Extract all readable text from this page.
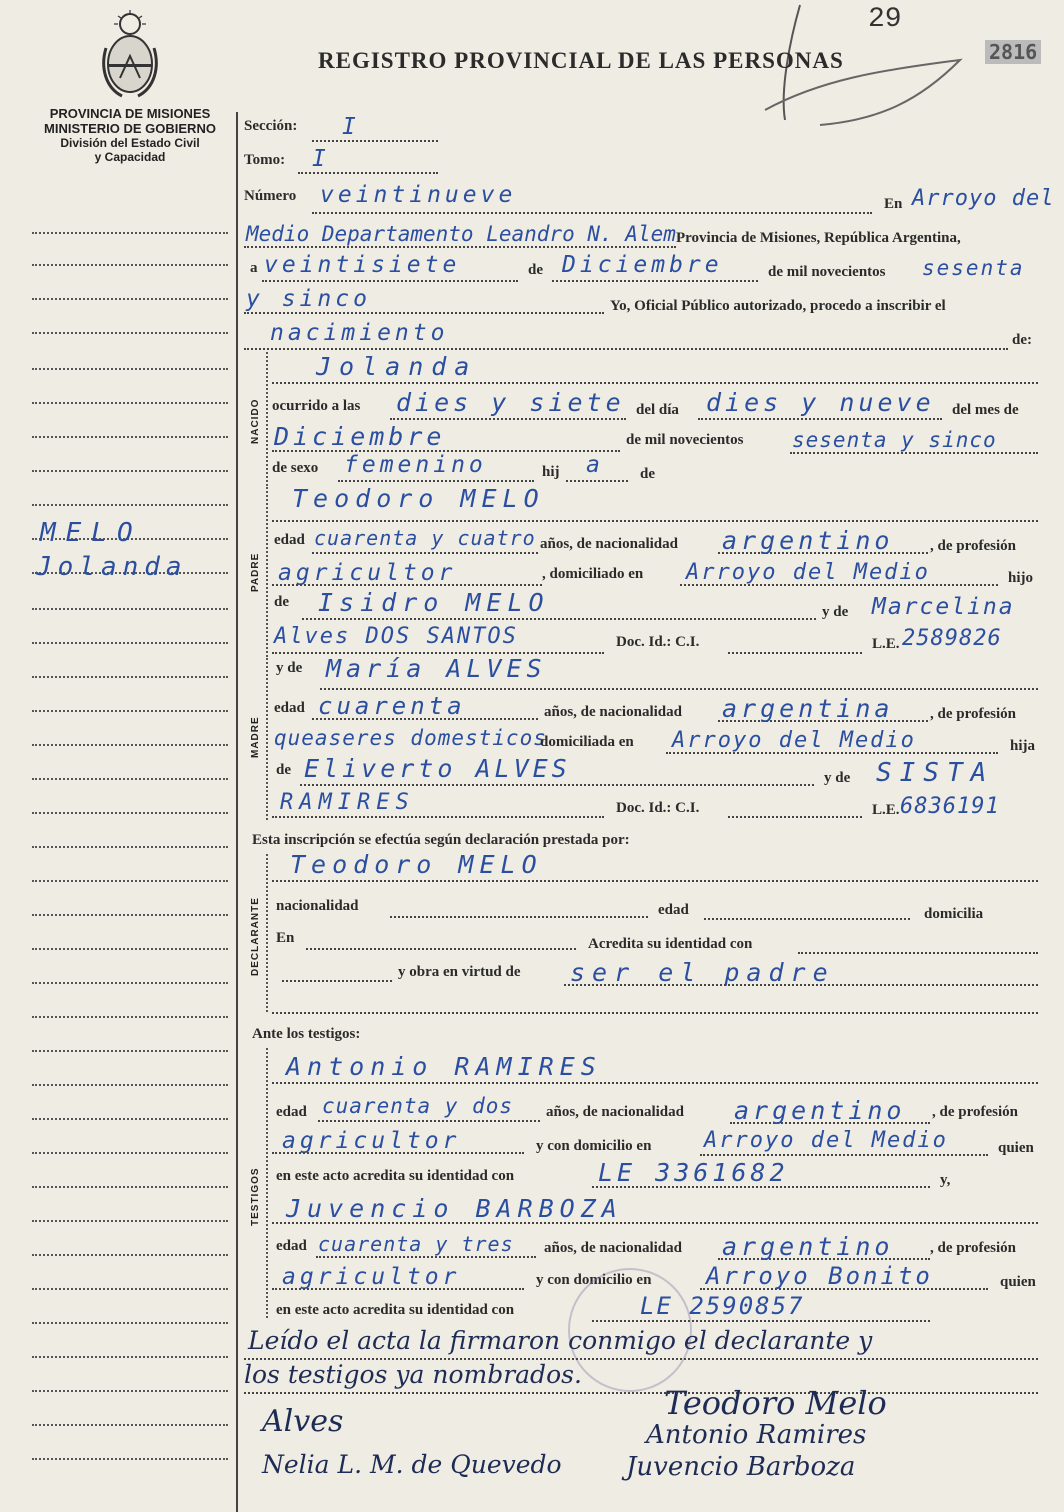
29
2816
REGISTRO PROVINCIAL DE LAS PERSONAS
PROVINCIA DE MISIONES
MINISTERIO DE GOBIERNO
División del Estado Civil
y Capacidad
MELO
Jolanda
Sección: I
Tomo: I
Número veintinueve	En Arroyo del
Medio Departamento Leandro N. Alem Provincia de Misiones, República Argentina,
a veintisiete	de Diciembre	de mil novecientos sesenta
y sinco	Yo, Oficial Público autorizado, procedo a inscribir el
nacimiento	de:
NACIDO
Jolanda
ocurrido a las dies y siete del día dies y nueve del mes de
Diciembre	de mil novecientos sesenta y sinco
de sexo femenino	hij a de
PADRE
Teodoro MELO
edad cuarenta y cuatro años, de nacionalidad argentino , de profesión
agricultor	, domiciliado en Arroyo del Medio	hijo
de Isidro MELO	y de Marcelina
Alves DOS SANTOS	Doc. Id.: C.I.	L.E. 2589826
MADRE
y de María ALVES
edad cuarenta	años, de nacionalidad argentina , de profesión
queaseres domesticos
domiciliada en Arroyo del Medio	hija
de Eliverto ALVES	y de SISTA
RAMIRES	Doc. Id.: C.I.	L.E. 6836191
Esta inscripción se efectúa según declaración prestada por:
DECLARANTE
Teodoro MELO
nacionalidad	edad	domicilia
En	Acredita su identidad con
y obra en virtud de ser el padre
Ante los testigos:
TESTIGOS
Antonio RAMIRES
edad cuarenta y dos años, de nacionalidad argentino , de profesión
agricultor	y con domicilio en Arroyo del Medio	quien
en este acto acredita su identidad con	LE 3361682	y,
Juvencio BARBOZA
edad cuarenta y tres años, de nacionalidad argentino , de profesión
agricultor	y con domicilio en Arroyo Bonito	quien
en este acto acredita su identidad con	LE 2590857
Leído el acta la firmaron conmigo el declarante y
los testigos ya nombrados.
Teodoro Melo
Alves	Antonio Ramires
Nelia L. M. de Quevedo Juvencio Barboza
